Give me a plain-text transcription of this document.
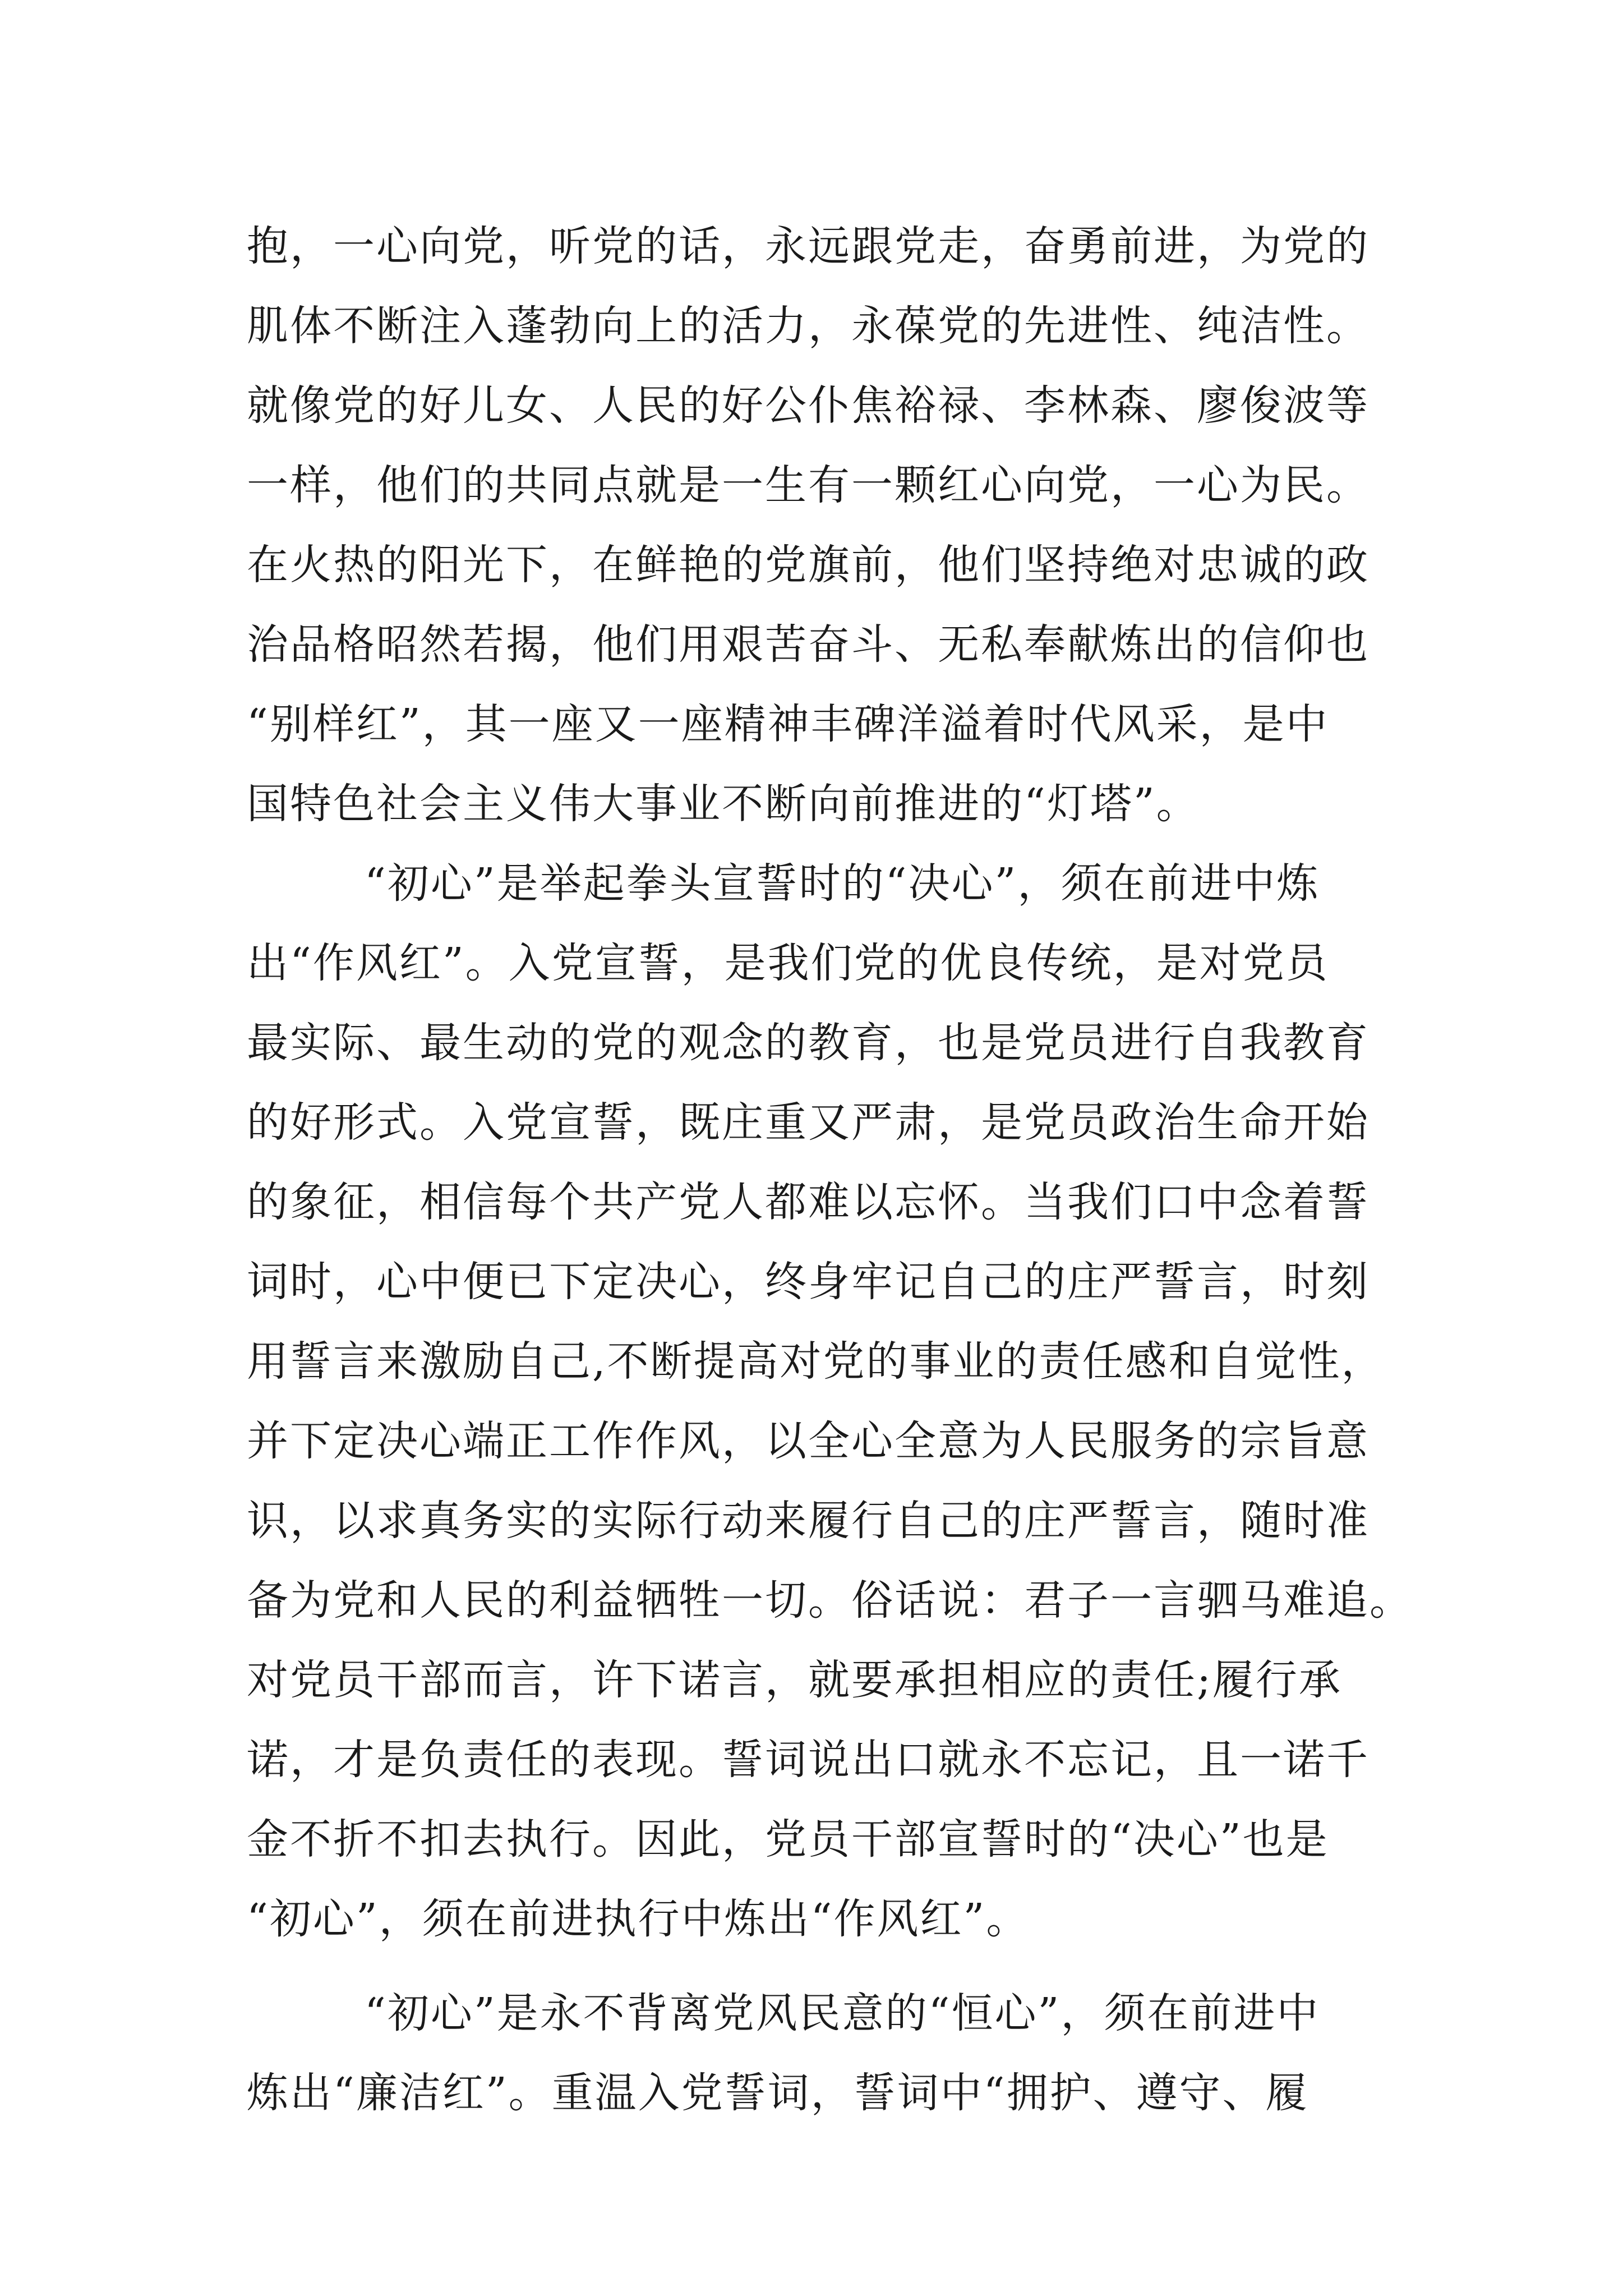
抱，一心向党，听党的话，永远跟党走，奋勇前进，为党的
肌体不断注入蓬勃向上的活力，永葆党的先进性、纯洁性。
就像党的好儿女、人民的好公仆焦裕禄、李林森、廖俊波等
一样，他们的共同点就是一生有一颗红心向党，一心为民。
在火热的阳光下，在鲜艳的党旗前，他们坚持绝对忠诚的政
治品格昭然若揭，他们用艰苦奋斗、无私奉献炼出的信仰也
“别样红”，其一座又一座精神丰碑洋溢着时代风采，是中
国特色社会主义伟大事业不断向前推进的“灯塔”。
“初心”是举起拳头宣誓时的“决心”，须在前进中炼
出“作风红”。入党宣誓，是我们党的优良传统，是对党员
最实际、最生动的党的观念的教育，也是党员进行自我教育
的好形式。入党宣誓，既庄重又严肃，是党员政治生命开始
的象征，相信每个共产党人都难以忘怀。当我们口中念着誓
词时，心中便已下定决心，终身牢记自己的庄严誓言，时刻
用誓言来激励自己,不断提高对党的事业的责任感和自觉性，
并下定决心端正工作作风，以全心全意为人民服务的宗旨意
识，以求真务实的实际行动来履行自己的庄严誓言，随时准
备为党和人民的利益牺牲一切。俗话说：君子一言驷马难追。
对党员干部而言，许下诺言，就要承担相应的责任;履行承
诺，才是负责任的表现。誓词说出口就永不忘记，且一诺千
金不折不扣去执行。因此，党员干部宣誓时的“决心”也是
“初心”，须在前进执行中炼出“作风红”。
“初心”是永不背离党风民意的“恒心”，须在前进中
炼出“廉洁红”。重温入党誓词，誓词中“拥护、遵守、履
